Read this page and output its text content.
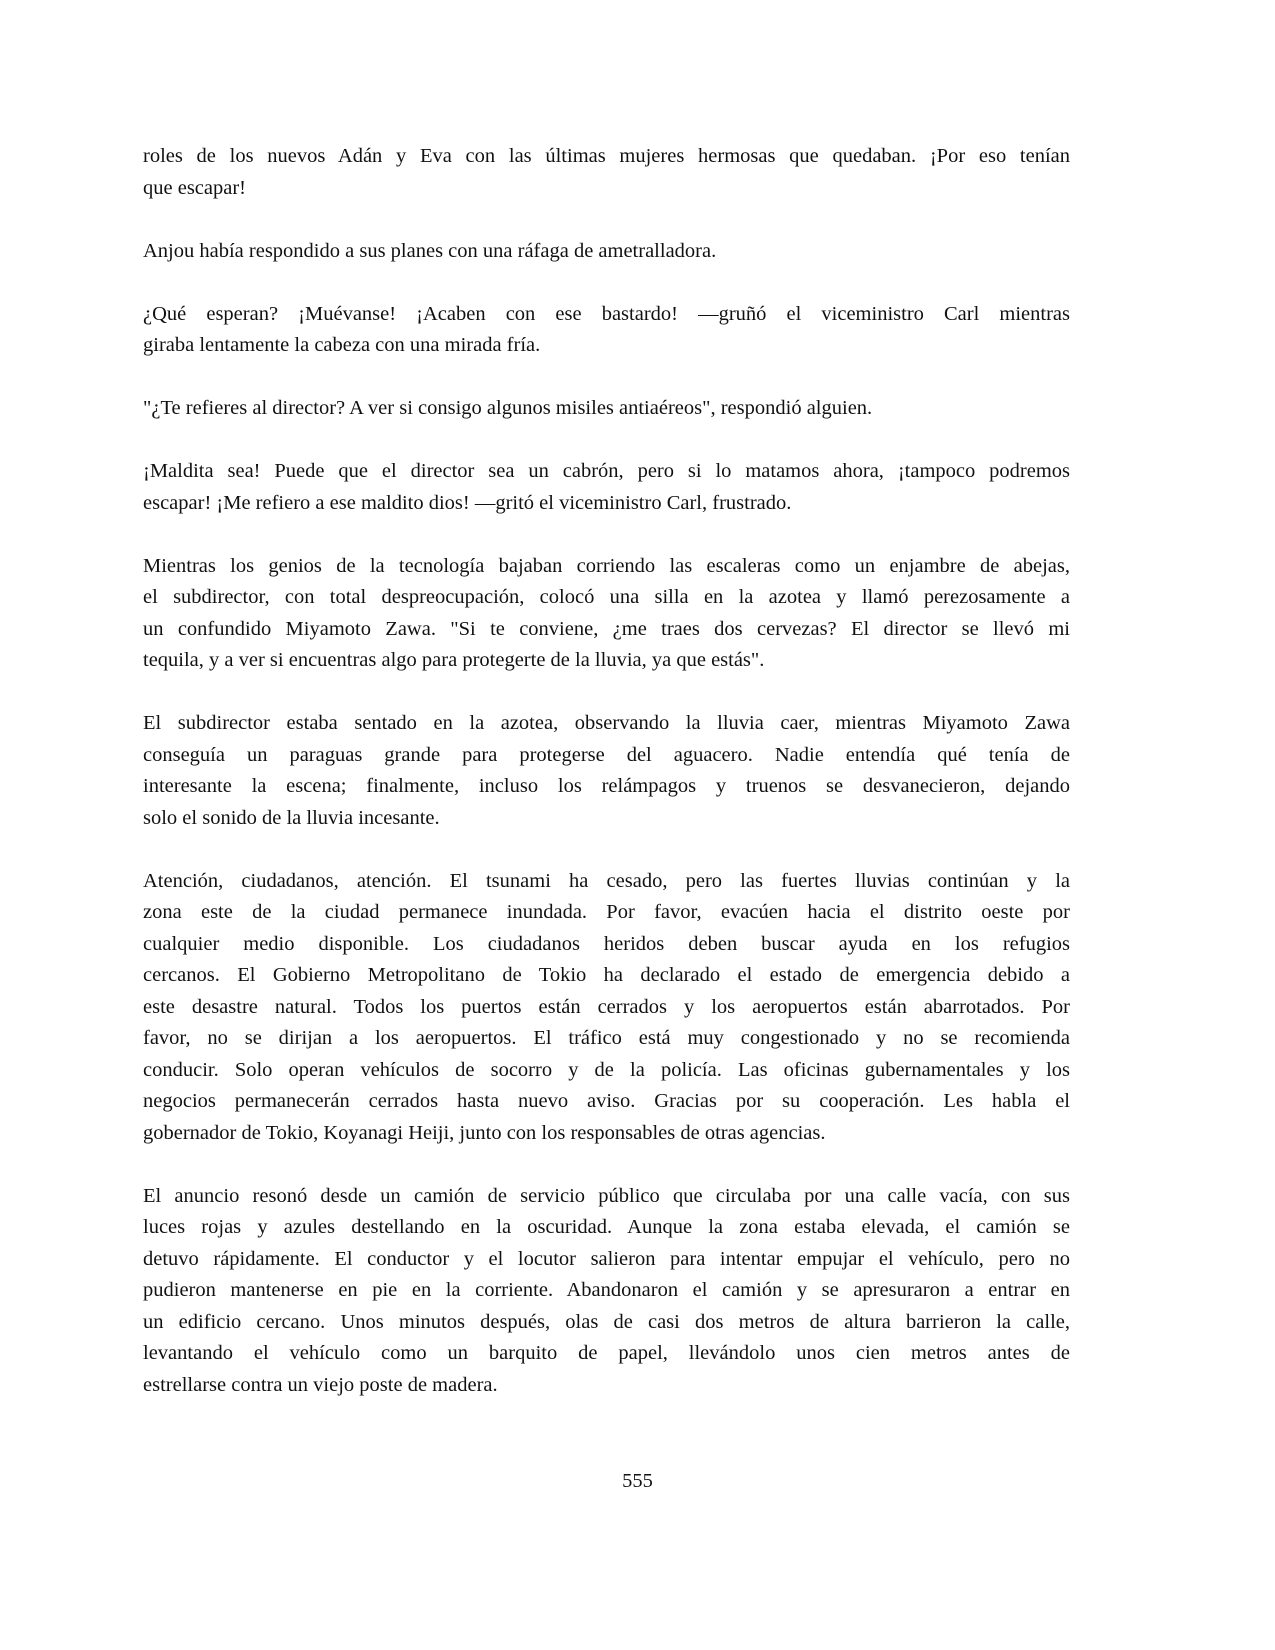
roles de los nuevos Adán y Eva con las últimas mujeres hermosas que quedaban. ¡Por eso tenían
que escapar!
Anjou había respondido a sus planes con una ráfaga de ametralladora.
¿Qué esperan? ¡Muévanse! ¡Acaben con ese bastardo! —gruñó el viceministro Carl mientras
giraba lentamente la cabeza con una mirada fría.
"¿Te refieres al director? A ver si consigo algunos misiles antiaéreos", respondió alguien.
¡Maldita sea! Puede que el director sea un cabrón, pero si lo matamos ahora, ¡tampoco podremos
escapar! ¡Me refiero a ese maldito dios! —gritó el viceministro Carl, frustrado.
Mientras los genios de la tecnología bajaban corriendo las escaleras como un enjambre de abejas,
el subdirector, con total despreocupación, colocó una silla en la azotea y llamó perezosamente a
un confundido Miyamoto Zawa. "Si te conviene, ¿me traes dos cervezas? El director se llevó mi
tequila, y a ver si encuentras algo para protegerte de la lluvia, ya que estás".
El subdirector estaba sentado en la azotea, observando la lluvia caer, mientras Miyamoto Zawa
conseguía un paraguas grande para protegerse del aguacero. Nadie entendía qué tenía de
interesante la escena; finalmente, incluso los relámpagos y truenos se desvanecieron, dejando
solo el sonido de la lluvia incesante.
Atención, ciudadanos, atención. El tsunami ha cesado, pero las fuertes lluvias continúan y la
zona este de la ciudad permanece inundada. Por favor, evacúen hacia el distrito oeste por
cualquier medio disponible. Los ciudadanos heridos deben buscar ayuda en los refugios
cercanos. El Gobierno Metropolitano de Tokio ha declarado el estado de emergencia debido a
este desastre natural. Todos los puertos están cerrados y los aeropuertos están abarrotados. Por
favor, no se dirijan a los aeropuertos. El tráfico está muy congestionado y no se recomienda
conducir. Solo operan vehículos de socorro y de la policía. Las oficinas gubernamentales y los
negocios permanecerán cerrados hasta nuevo aviso. Gracias por su cooperación. Les habla el
gobernador de Tokio, Koyanagi Heiji, junto con los responsables de otras agencias.
El anuncio resonó desde un camión de servicio público que circulaba por una calle vacía, con sus
luces rojas y azules destellando en la oscuridad. Aunque la zona estaba elevada, el camión se
detuvo rápidamente. El conductor y el locutor salieron para intentar empujar el vehículo, pero no
pudieron mantenerse en pie en la corriente. Abandonaron el camión y se apresuraron a entrar en
un edificio cercano. Unos minutos después, olas de casi dos metros de altura barrieron la calle,
levantando el vehículo como un barquito de papel, llevándolo unos cien metros antes de
estrellarse contra un viejo poste de madera.
555
